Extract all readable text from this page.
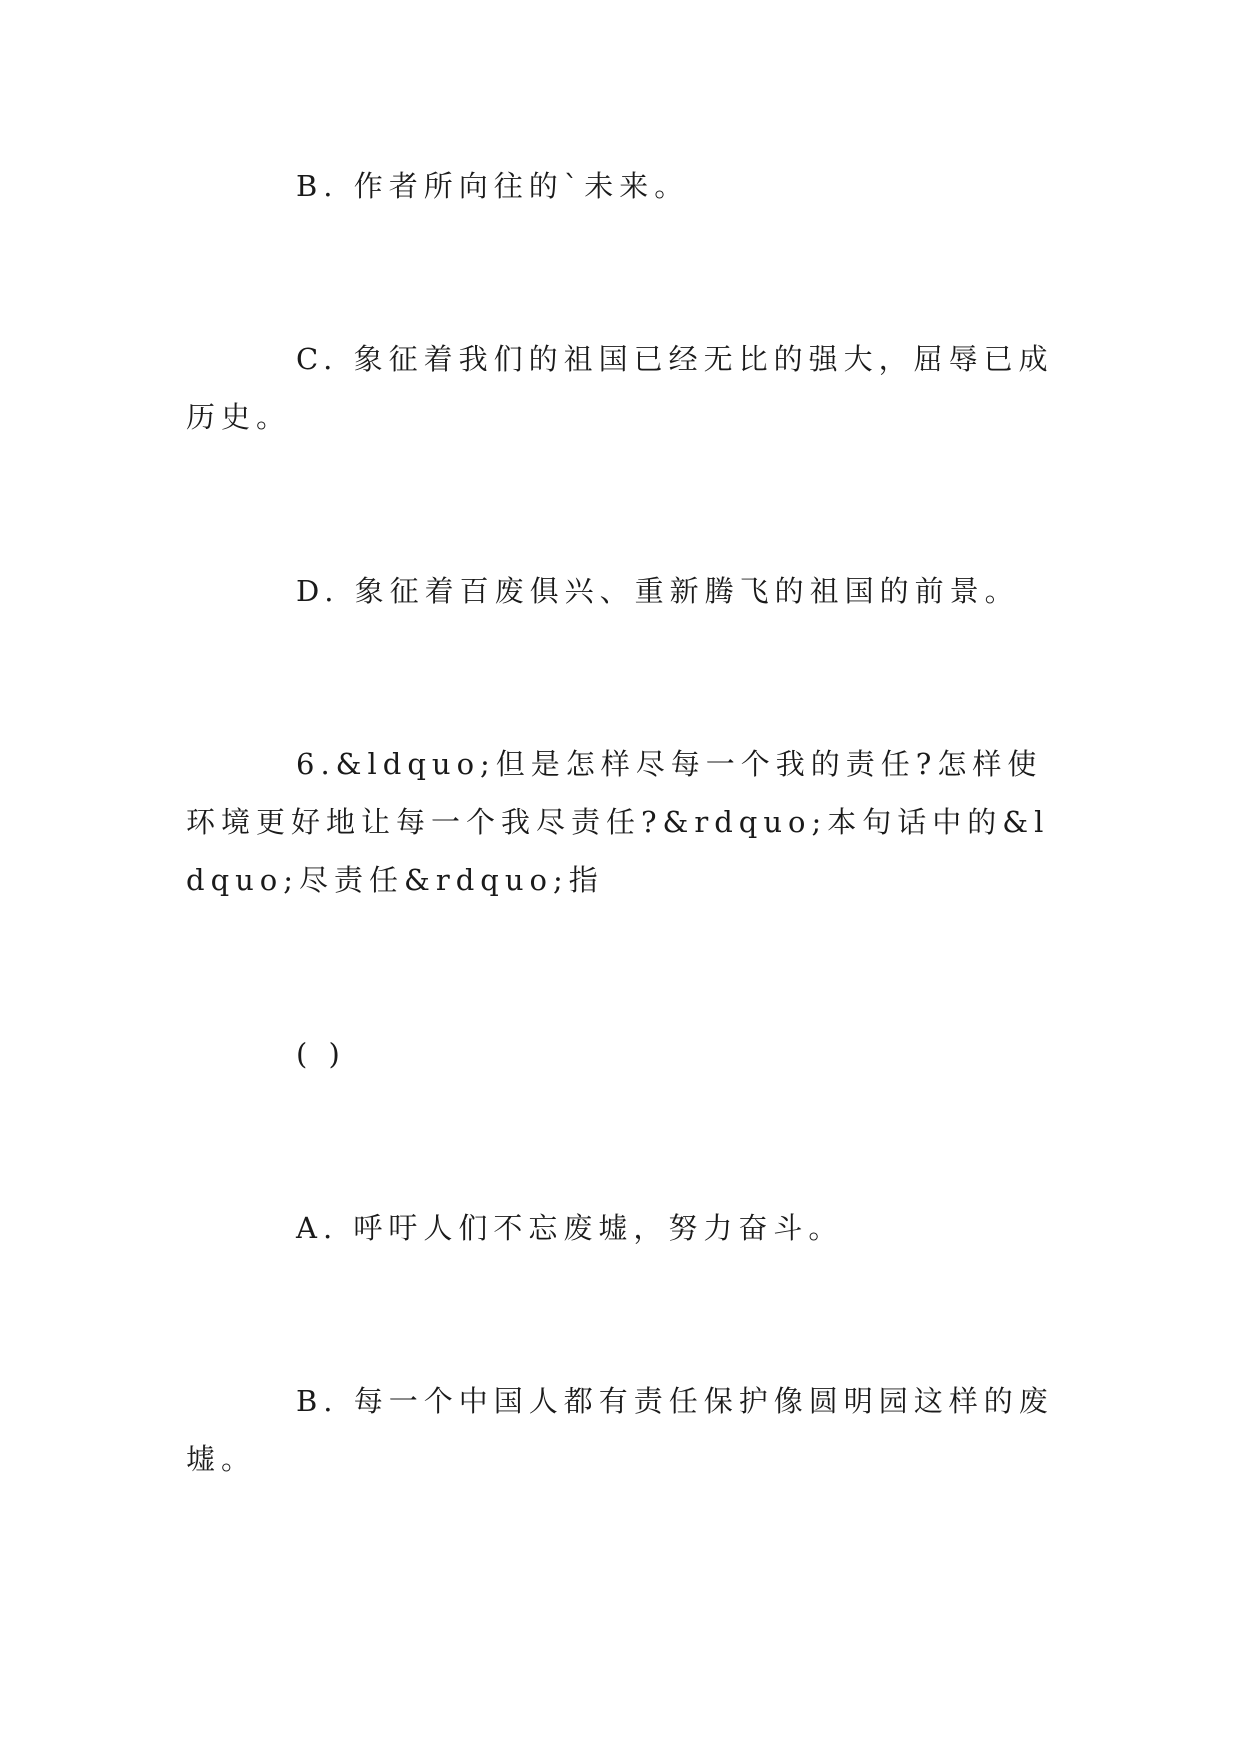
B. 作者所向往的`未来。

C. 象征着我们的祖国已经无比的强大，屈辱已成历史。

D. 象征着百废俱兴、重新腾飞的祖国的前景。

6.&ldquo;但是怎样尽每一个我的责任?怎样使环境更好地让每一个我尽责任?&rdquo;本句话中的&ldquo;尽责任&rdquo;指

( )

A. 呼吁人们不忘废墟，努力奋斗。

B. 每一个中国人都有责任保护像圆明园这样的废墟。
